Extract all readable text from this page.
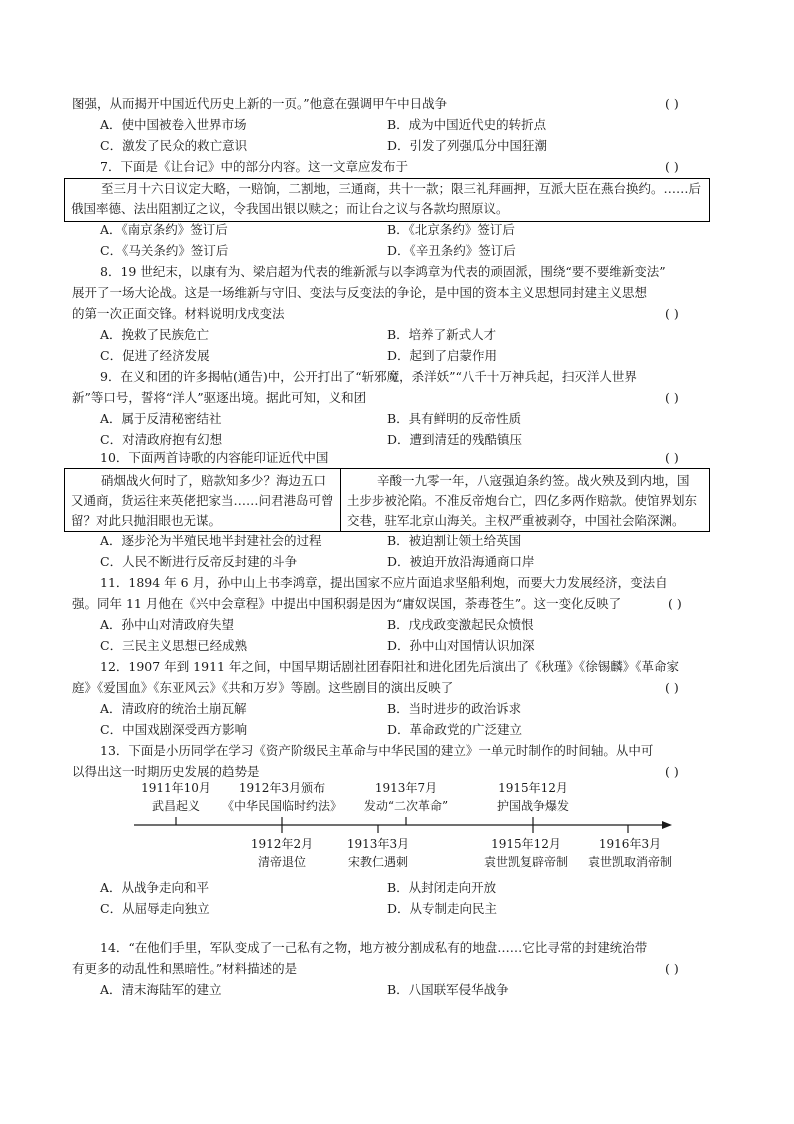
图强，从而揭开中国近代历史上新的一页。”他意在强调甲午中日战争	( )
A．使中国被卷入世界市场	B．成为中国近代史的转折点
C．激发了民众的救亡意识	D．引发了列强瓜分中国狂潮
7．下面是《让台记》中的部分内容。这一文章应发布于	( )
至三月十六日议定大略，一赔饷，二割地，三通商，共十一款；限三礼拜画押，互派大臣在燕台换约。……后俄国率德、法出阻割辽之议，令我国出银以赎之；而让台之议与各款均照原议。
A．《南京条约》签订后	B．《北京条约》签订后
C．《马关条约》签订后	D．《辛丑条约》签订后
8．19 世纪末，以康有为、梁启超为代表的维新派与以李鸿章为代表的顽固派，围绕“要不要维新变法”
展开了一场大论战。这是一场维新与守旧、变法与反变法的争论，是中国的资本主义思想同封建主义思想
的第一次正面交锋。材料说明戊戌变法	( )
A．挽救了民族危亡	B．培养了新式人才
C．促进了经济发展	D．起到了启蒙作用
9．在义和团的许多揭帖(通告)中，公开打出了“斩邪魔，杀洋妖”“八千十万神兵起，扫灭洋人世界
新”等口号，誓将“洋人”驱逐出境。据此可知，义和团	( )
A．属于反清秘密结社	B．具有鲜明的反帝性质
C．对清政府抱有幻想	D．遭到清廷的残酷镇压
10．下面两首诗歌的内容能印证近代中国	( )
硝烟战火何时了，赔款知多少？海边五口又通商，货运往来英佬把家当……问君港岛可曾留？对此只抛泪眼也无谋。
辛酸一九零一年，八寇强迫条约签。战火殃及到内地，国土步步被沦陷。不准反帝炮台亡，四亿多两作赔款。使馆界划东交巷，驻军北京山海关。主权严重被剥夺，中国社会陷深渊。
A．逐步沦为半殖民地半封建社会的过程	B．被迫割让领土给英国
C．人民不断进行反帝反封建的斗争	D．被迫开放沿海通商口岸
11．1894 年 6 月，孙中山上书李鸿章，提出国家不应片面追求坚船利炮，而要大力发展经济，变法自
强。同年 11 月他在《兴中会章程》中提出中国积弱是因为“庸奴误国，荼毒苍生”。这一变化反映了	( )
A．孙中山对清政府失望	B．戊戌政变激起民众愤恨
C．三民主义思想已经成熟	D．孙中山对国情认识加深
12．1907 年到 1911 年之间，中国早期话剧社团春阳社和进化团先后演出了《秋瑾》《徐锡麟》《革命家
庭》《爱国血》《东亚风云》《共和万岁》等剧。这些剧目的演出反映了	( )
A．清政府的统治土崩瓦解	B．当时进步的政治诉求
C．中国戏剧深受西方影响	D．革命政党的广泛建立
13．下面是小历同学在学习《资产阶级民主革命与中华民国的建立》一单元时制作的时间轴。从中可
以得出这一时期历史发展的趋势是	( )
1911年10月
武昌起义
1912年3月颁布
《中华民国临时约法》
1913年7月
发动“二次革命”
1915年12月
护国战争爆发
1912年2月
清帝退位
1913年3月
宋教仁遇刺
1915年12月
袁世凯复辟帝制
1916年3月
袁世凯取消帝制
A．从战争走向和平	B．从封闭走向开放
C．从屈辱走向独立	D．从专制走向民主
14．“在他们手里，军队变成了一己私有之物，地方被分割成私有的地盘……它比寻常的封建统治带
有更多的动乱性和黑暗性。”材料描述的是	( )
A．清末海陆军的建立	B．八国联军侵华战争
